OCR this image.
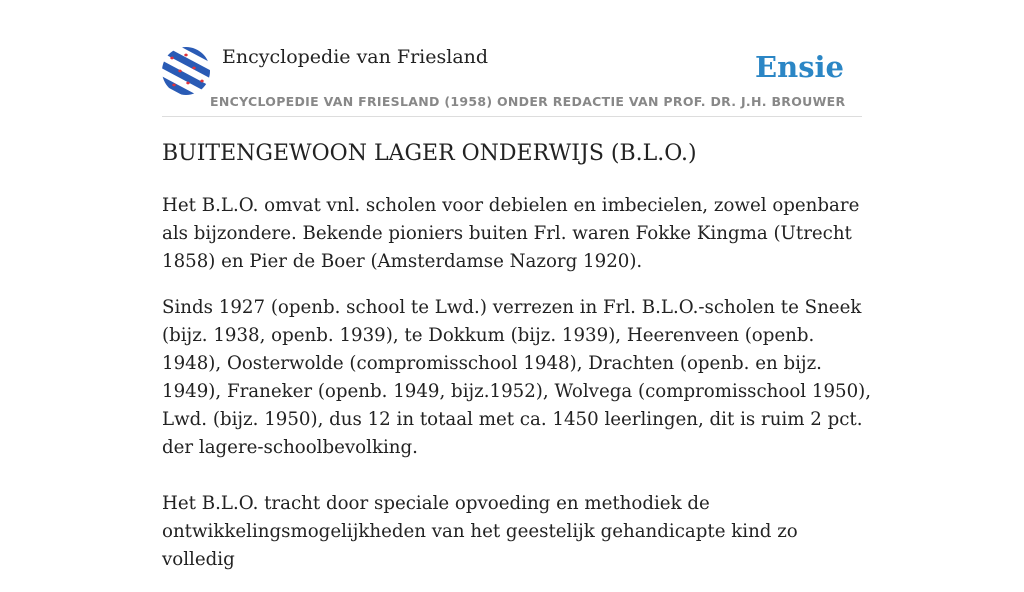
Encyclopedie van Friesland	Ensie
ENCYCLOPEDIE VAN FRIESLAND (1958) ONDER REDACTIE VAN PROF. DR. J.H. BROUWER
BUITENGEWOON LAGER ONDERWIJS (B.L.O.)

Het B.L.O. omvat vnl. scholen voor debielen en imbecielen, zowel openbare als bijzondere. Bekende pioniers buiten Frl. waren Fokke Kingma (Utrecht 1858) en Pier de Boer (Amsterdamse Nazorg 1920).

Sinds 1927 (openb. school te Lwd.) verrezen in Frl. B.L.O.-scholen te Sneek (bijz. 1938, openb. 1939), te Dokkum (bijz. 1939), Heerenveen (openb. 1948), Oosterwolde (compromisschool 1948), Drachten (openb. en bijz. 1949), Franeker (openb. 1949, bijz.1952), Wolvega (compromisschool 1950), Lwd. (bijz. 1950), dus 12 in totaal met ca. 1450 leerlingen, dit is ruim 2 pct. der lagere-schoolbevolking.

Het B.L.O. tracht door speciale opvoeding en methodiek de ontwikkelingsmogelijkheden van het geestelijk gehandicapte kind zo volledig
